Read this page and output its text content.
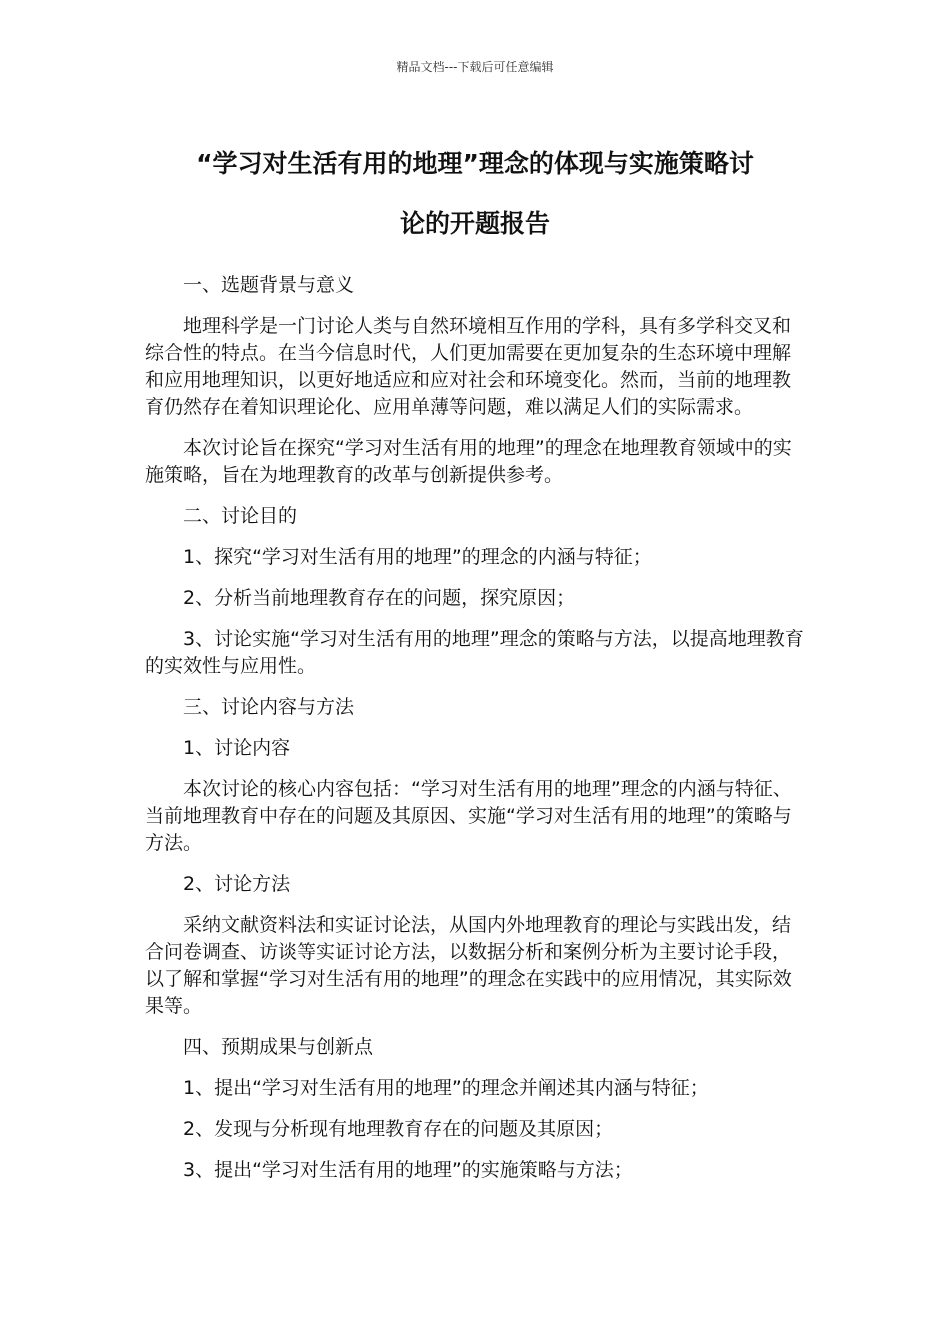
精品文档---下载后可任意编辑
“学习对生活有用的地理”理念的体现与实施策略讨
论的开题报告

一、选题背景与意义

地理科学是一门讨论人类与自然环境相互作用的学科，具有多学科交叉和综合性的特点。在当今信息时代，人们更加需要在更加复杂的生态环境中理解和应用地理知识，以更好地适应和应对社会和环境变化。然而，当前的地理教育仍然存在着知识理论化、应用单薄等问题，难以满足人们的实际需求。

本次讨论旨在探究“学习对生活有用的地理”的理念在地理教育领域中的实施策略，旨在为地理教育的改革与创新提供参考。

二、讨论目的

1、探究“学习对生活有用的地理”的理念的内涵与特征；

2、分析当前地理教育存在的问题，探究原因；

3、讨论实施“学习对生活有用的地理”理念的策略与方法，以提高地理教育的实效性与应用性。

三、讨论内容与方法

1、讨论内容

本次讨论的核心内容包括：“学习对生活有用的地理”理念的内涵与特征、当前地理教育中存在的问题及其原因、实施“学习对生活有用的地理”的策略与方法。

2、讨论方法

采纳文献资料法和实证讨论法，从国内外地理教育的理论与实践出发，结合问卷调查、访谈等实证讨论方法，以数据分析和案例分析为主要讨论手段，以了解和掌握“学习对生活有用的地理”的理念在实践中的应用情况，其实际效果等。

四、预期成果与创新点

1、提出“学习对生活有用的地理”的理念并阐述其内涵与特征；

2、发现与分析现有地理教育存在的问题及其原因；

3、提出“学习对生活有用的地理”的实施策略与方法；
